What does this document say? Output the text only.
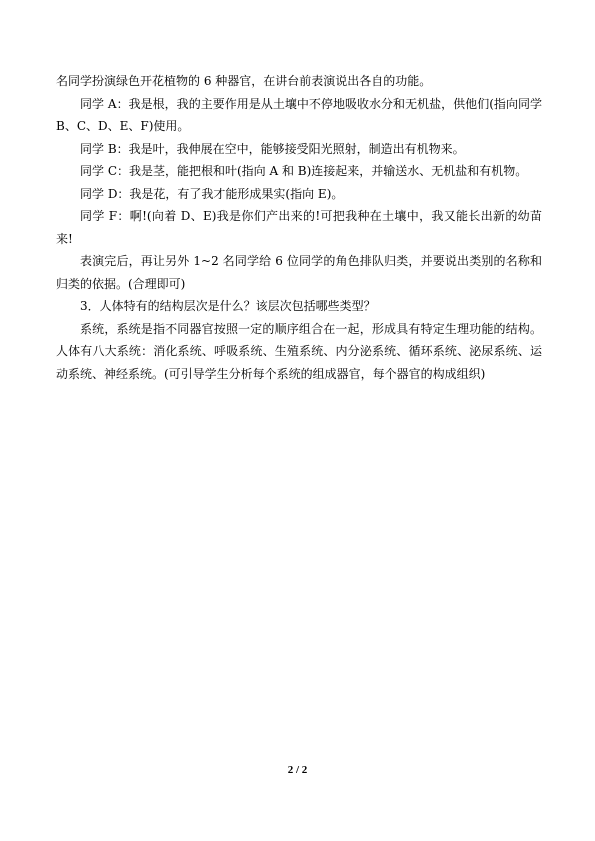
名同学扮演绿色开花植物的 6 种器官，在讲台前表演说出各自的功能。

同学 A：我是根，我的主要作用是从土壤中不停地吸收水分和无机盐，供他们(指向同学 B、C、D、E、F)使用。

同学 B：我是叶，我伸展在空中，能够接受阳光照射，制造出有机物来。

同学 C：我是茎，能把根和叶(指向 A 和 B)连接起来，并输送水、无机盐和有机物。

同学 D：我是花，有了我才能形成果实(指向 E)。

同学 F：啊!(向着 D、E)我是你们产出来的!可把我种在土壤中，我又能长出新的幼苗来!

表演完后，再让另外 1~2 名同学给 6 位同学的角色排队归类，并要说出类别的名称和归类的依据。(合理即可)

3．人体特有的结构层次是什么？该层次包括哪些类型？

系统，系统是指不同器官按照一定的顺序组合在一起，形成具有特定生理功能的结构。人体有八大系统：消化系统、呼吸系统、生殖系统、内分泌系统、循环系统、泌尿系统、运动系统、神经系统。(可引导学生分析每个系统的组成器官，每个器官的构成组织)

2 / 2
